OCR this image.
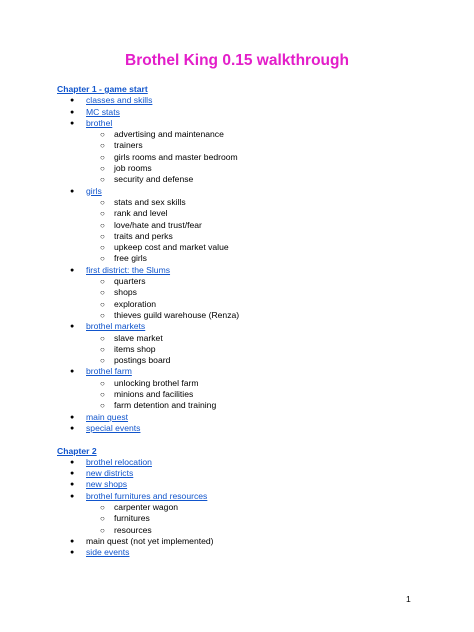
Brothel King 0.15 walkthrough
Chapter 1 - game start
● classes and skills
● MC stats
● brothel
○ advertising and maintenance
○ trainers
○ girls rooms and master bedroom
○ job rooms
○ security and defense
● girls
○ stats and sex skills
○ rank and level
○ love/hate and trust/fear
○ traits and perks
○ upkeep cost and market value
○ free girls
● first district: the Slums
○ quarters
○ shops
○ exploration
○ thieves guild warehouse (Renza)
● brothel markets
○ slave market
○ items shop
○ postings board
● brothel farm
○ unlocking brothel farm
○ minions and facilities
○ farm detention and training
● main quest
● special events
Chapter 2
● brothel relocation
● new districts
● new shops
● brothel furnitures and resources
○ carpenter wagon
○ furnitures
○ resources
● main quest (not yet implemented)
● side events
1
